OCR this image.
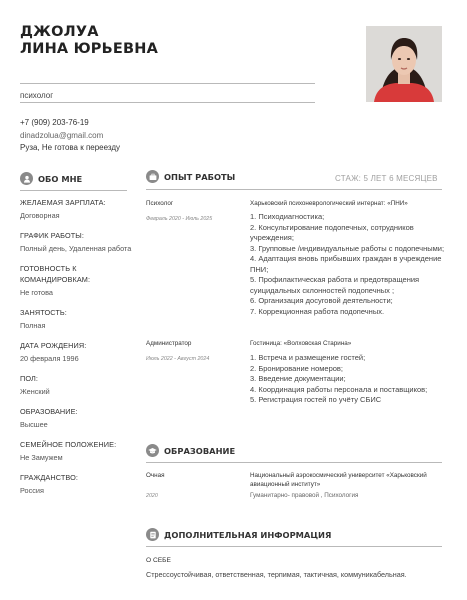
ДЖОЛУА
ЛИНА ЮРЬЕВНА
психолог
+7 (909) 203-76-19
dinadzolua@gmail.com
Руза, Не готова к переезду
ОБО МНЕ
ЖЕЛАЕМАЯ ЗАРПЛАТА:
Договорная
ГРАФИК РАБОТЫ:
Полный день, Удаленная работа
ГОТОВНОСТЬ К КОМАНДИРОВКАМ:
Не готова
ЗАНЯТОСТЬ:
Полная
ДАТА РОЖДЕНИЯ:
20 февраля 1996
ПОЛ:
Женский
ОБРАЗОВАНИЕ:
Высшее
СЕМЕЙНОЕ ПОЛОЖЕНИЕ:
Не Замужем
ГРАЖДАНСТВО:
Россия
ОПЫТ РАБОТЫ	СТАЖ: 5 ЛЕТ 6 МЕСЯЦЕВ
Психолог
Февраль 2020 - Июль 2025
Харьковский психоневрологический интернат: «ПНИ»
1. Психодиагностика;
2. Консультирование подопечных, сотрудников учреждения;
3. Групповые /индивидуальные работы с подопечными;
4. Адаптация вновь прибывших граждан в учреждение ПНИ;
5. Профилактическая работа и предотвращения суицидальных склонностей подопечных ;
6. Организация досуговой деятельности;
7. Коррекционная работа подопечных.
Администратор
Июль 2022 - Август 2024
Гостиница: «Волховская Старина»
1. Встреча и размещение гостей;
2. Бронирование номеров;
3. Введение документации;
4. Координация работы персонала и поставщиков;
5. Регистрация гостей по учёту СБИС
ОБРАЗОВАНИЕ
Очная
2020
Национальный аэрокосмический университет «Харьковский авиационный институт»
Гуманитарно- правовой , Психология
ДОПОЛНИТЕЛЬНАЯ ИНФОРМАЦИЯ
О СЕБЕ
Стрессоустойчивая, ответственная, терпимая, тактичная, коммуникабельная.
